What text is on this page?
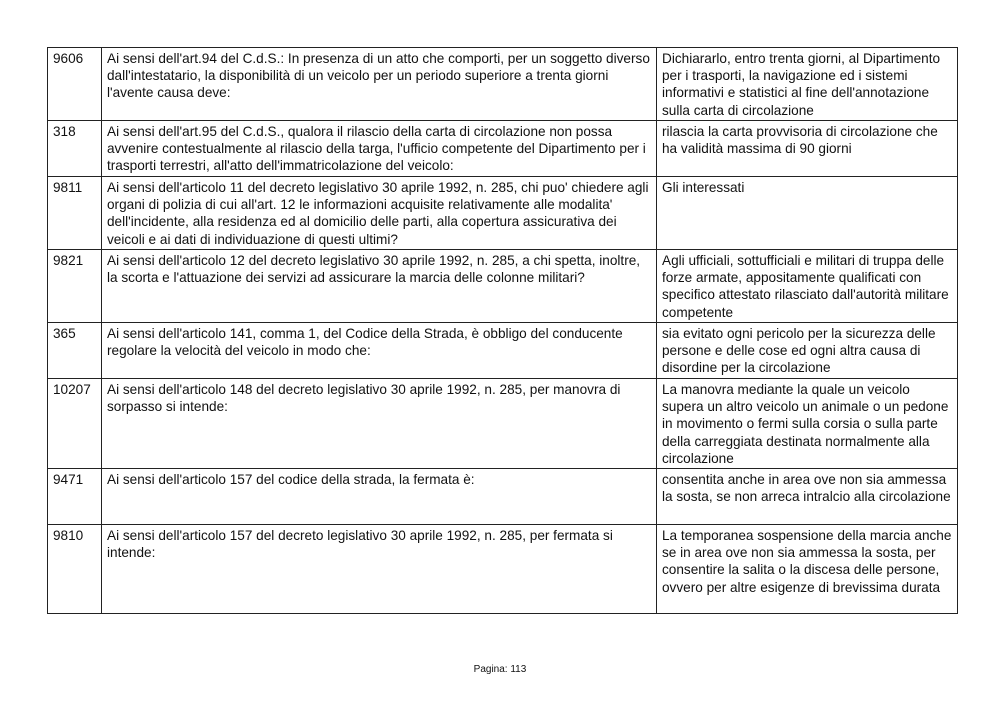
9606	Ai sensi dell'art.94 del C.d.S.: In presenza di un atto che comporti, per un soggetto diverso dall'intestatario, la disponibilità di un veicolo per un periodo superiore a trenta giorni l'avente causa deve:	Dichiararlo, entro trenta giorni, al Dipartimento per i trasporti, la navigazione ed i sistemi informativi e statistici al fine dell'annotazione sulla carta di circolazione
318	Ai sensi dell'art.95 del C.d.S., qualora il rilascio della carta di circolazione non possa avvenire contestualmente al rilascio della targa, l'ufficio competente del Dipartimento per i trasporti terrestri, all'atto dell'immatricolazione del veicolo:	rilascia la carta provvisoria di circolazione che ha validità massima di 90 giorni
9811	Ai sensi dell'articolo 11 del decreto legislativo 30 aprile 1992, n. 285, chi puo' chiedere agli organi di polizia di cui all'art. 12 le informazioni acquisite relativamente alle modalita' dell'incidente, alla residenza ed al domicilio delle parti, alla copertura assicurativa dei veicoli e ai dati di individuazione di questi ultimi?	Gli interessati
9821	Ai sensi dell'articolo 12 del decreto legislativo 30 aprile 1992, n. 285, a chi spetta, inoltre, la scorta e l'attuazione dei servizi ad assicurare la marcia delle colonne militari?	Agli ufficiali, sottufficiali e militari di truppa delle forze armate, appositamente qualificati con specifico attestato rilasciato dall'autorità militare competente
365	Ai sensi dell'articolo 141, comma 1, del Codice della Strada, è obbligo del conducente regolare la velocità del veicolo in modo che:	sia evitato ogni pericolo per la sicurezza delle persone e delle cose ed ogni altra causa di disordine per la circolazione
10207	Ai sensi dell'articolo 148 del decreto legislativo 30 aprile 1992, n. 285, per manovra di sorpasso si intende:	La manovra mediante la quale un veicolo supera un altro veicolo un animale o un pedone in movimento o fermi sulla corsia o sulla parte della carreggiata destinata normalmente alla circolazione
9471	Ai sensi dell'articolo 157 del codice della strada, la fermata è:	consentita anche in area ove non sia ammessa la sosta, se non arreca intralcio alla circolazione
9810	Ai sensi dell'articolo 157 del decreto legislativo 30 aprile 1992, n. 285, per fermata si intende:	La temporanea sospensione della marcia anche se in area ove non sia ammessa la sosta, per consentire la salita o la discesa delle persone, ovvero per altre esigenze di brevissima durata
Pagina: 113
